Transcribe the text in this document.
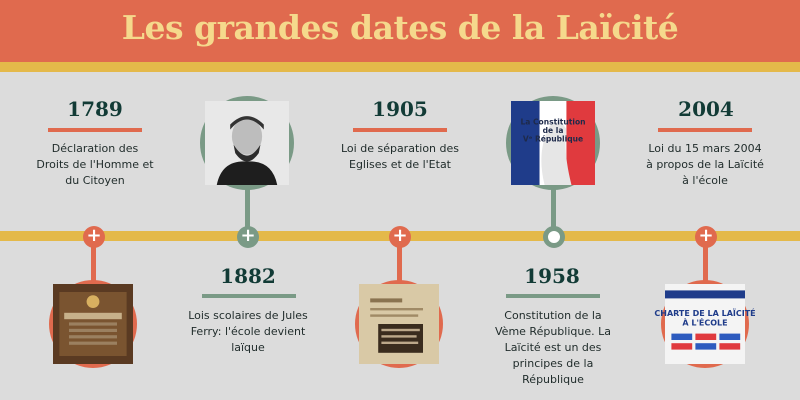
Les grandes dates de la Laïcité
1789
Déclaration des Droits de l'Homme et du Citoyen
+	+
1882
Lois scolaires de Jules Ferry: l'école devient laïque
1905
Loi de séparation des Eglises et de l'Etat
+
La Constitution
de la
Vᵉ République
1958
Constitution de la Vème République. La Laïcité est un des principes de la République
2004
Loi du 15 mars 2004 à propos de la Laïcité à l'école
+
CHARTE DE LA LAÏCITÉ
À L'ÉCOLE
